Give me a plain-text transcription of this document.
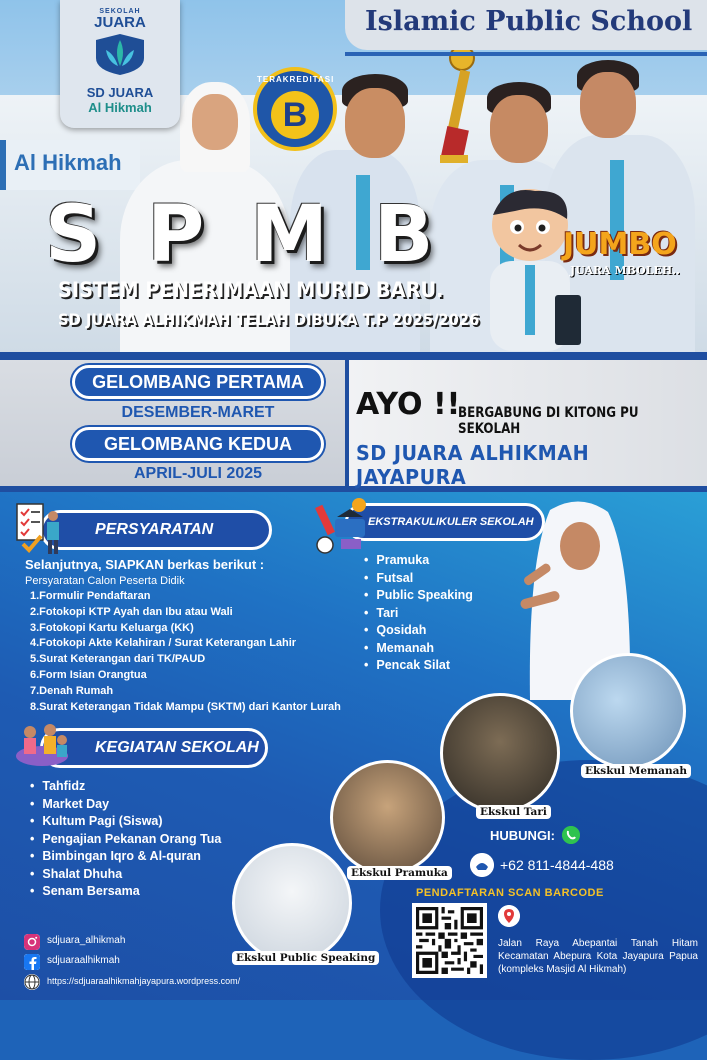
Al Hikmah
SEKOLAH
JUARA
SD JUARA
Al Hikmah
Islamic Public School
TERAKREDITASI
B
SPMB
SISTEM PENERIMAAN MURID BARU.
SD JUARA ALHIKMAH TELAH DIBUKA T.P 2025/2026
JUMBO
JUARA MBOLEH..
GELOMBANG PERTAMA
DESEMBER-MARET
GELOMBANG KEDUA
APRIL-JULI 2025
AYO !!
BERGABUNG DI KITONG PU SEKOLAH
SD JUARA ALHIKMAH JAYAPURA
PERSYARATAN
Selanjutnya, SIAPKAN berkas berikut :
Persyaratan Calon Peserta Didik
1.Formulir Pendaftaran
2.Fotokopi KTP Ayah dan Ibu atau Wali
3.Fotokopi Kartu Keluarga (KK)
4.Fotokopi Akte Kelahiran / Surat Keterangan Lahir
5.Surat Keterangan dari TK/PAUD
6.Form Isian Orangtua
7.Denah Rumah
8.Surat Keterangan Tidak Mampu (SKTM) dari Kantor Lurah
KEGIATAN SEKOLAH
• Tahfidz
• Market Day
• Kultum Pagi (Siswa)
• Pengajian Pekanan Orang Tua
• Bimbingan Iqro & Al-quran
• Shalat Dhuha
• Senam Bersama
EKSTRAKULIKULER SEKOLAH
• Pramuka
• Futsal
• Public Speaking
• Tari
• Qosidah
• Memanah
• Pencak Silat
Ekskul Memanah
Ekskul Tari
Ekskul Pramuka
Ekskul Public Speaking
HUBUNGI:
+62 811-4844-488
PENDAFTARAN SCAN BARCODE
Jalan Raya Abepantai Tanah Hitam Kecamatan Abepura Kota Jayapura Papua (kompleks Masjid Al Hikmah)
sdjuara_alhikmah
sdjuaraalhikmah
https://sdjuaraalhikmahjayapura.wordpress.com/
